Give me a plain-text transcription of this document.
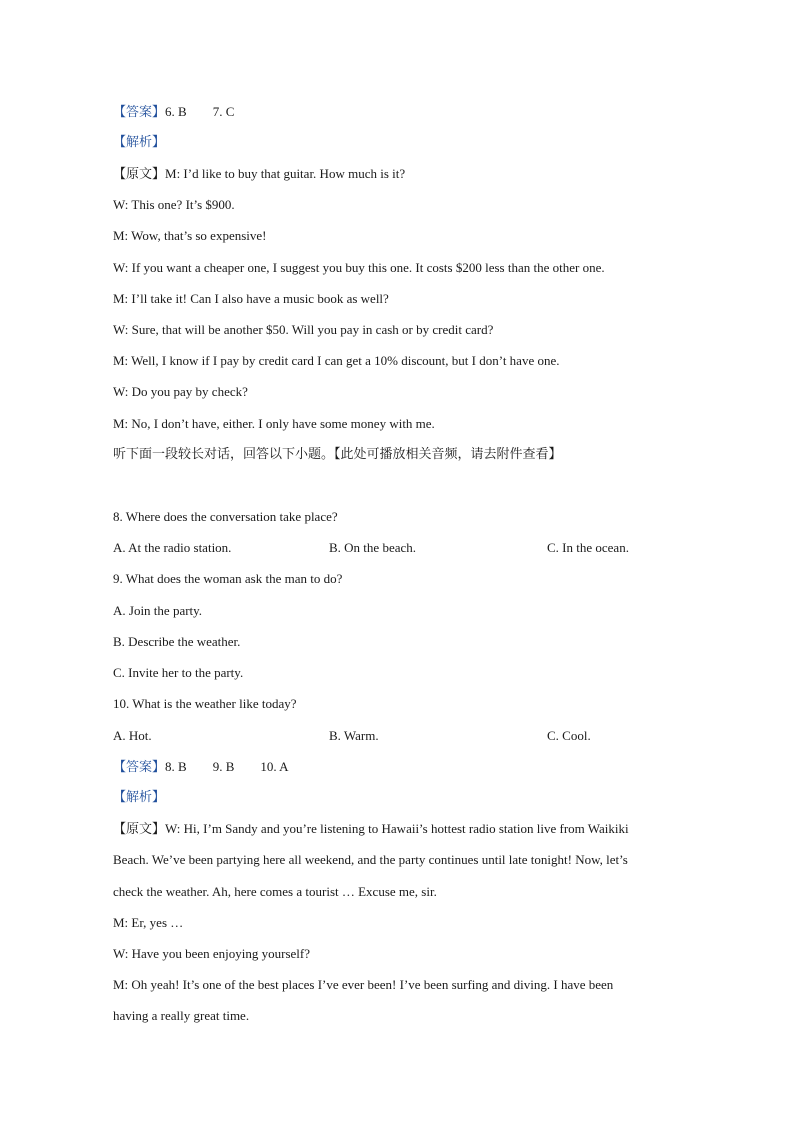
【答案】6. B 7. C
【解析】
【原文】M: I’d like to buy that guitar. How much is it?
W: This one? It’s $900.
M: Wow, that’s so expensive!
W: If you want a cheaper one, I suggest you buy this one. It costs $200 less than the other one.
M: I’ll take it! Can I also have a music book as well?
W: Sure, that will be another $50. Will you pay in cash or by credit card?
M: Well, I know if I pay by credit card I can get a 10% discount, but I don’t have one.
W: Do you pay by check?
M: No, I don’t have, either. I only have some money with me.
听下面一段较长对话，回答以下小题。【此处可播放相关音频，请去附件查看】
8. Where does the conversation take place?
A. At the radio station.	B. On the beach.	C. In the ocean.
9. What does the woman ask the man to do?
A. Join the party.
B. Describe the weather.
C. Invite her to the party.
10. What is the weather like today?
A. Hot.	B. Warm.	C. Cool.
【答案】8. B 9. B 10. A
【解析】
【原文】W: Hi, I’m Sandy and you’re listening to Hawaii’s hottest radio station live from Waikiki
Beach. We’ve been partying here all weekend, and the party continues until late tonight! Now, let’s
check the weather. Ah, here comes a tourist … Excuse me, sir.
M: Er, yes …
W: Have you been enjoying yourself?
M: Oh yeah! It’s one of the best places I’ve ever been! I’ve been surfing and diving. I have been
having a really great time.
